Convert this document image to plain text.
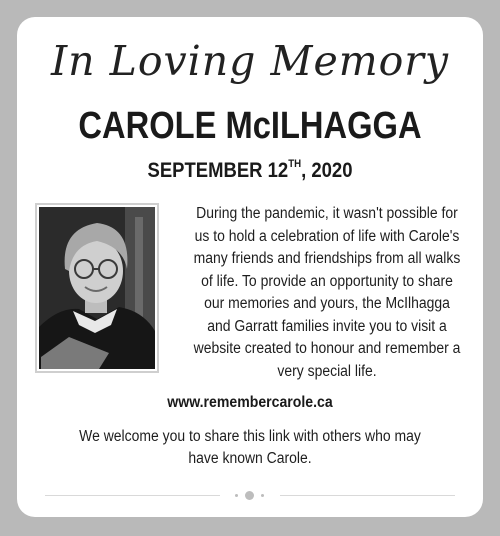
In Loving Memory
CAROLE McILHAGGA
SEPTEMBER 12TH, 2020
During the pandemic, it wasn't possible for us to hold a celebration of life with Carole's many friends and friendships from all walks of life. To provide an opportunity to share our memories and yours, the McIlhagga and Garratt families invite you to visit a website created to honour and remember a very special life.
www.remembercarole.ca
We welcome you to share this link with others who may have known Carole.
